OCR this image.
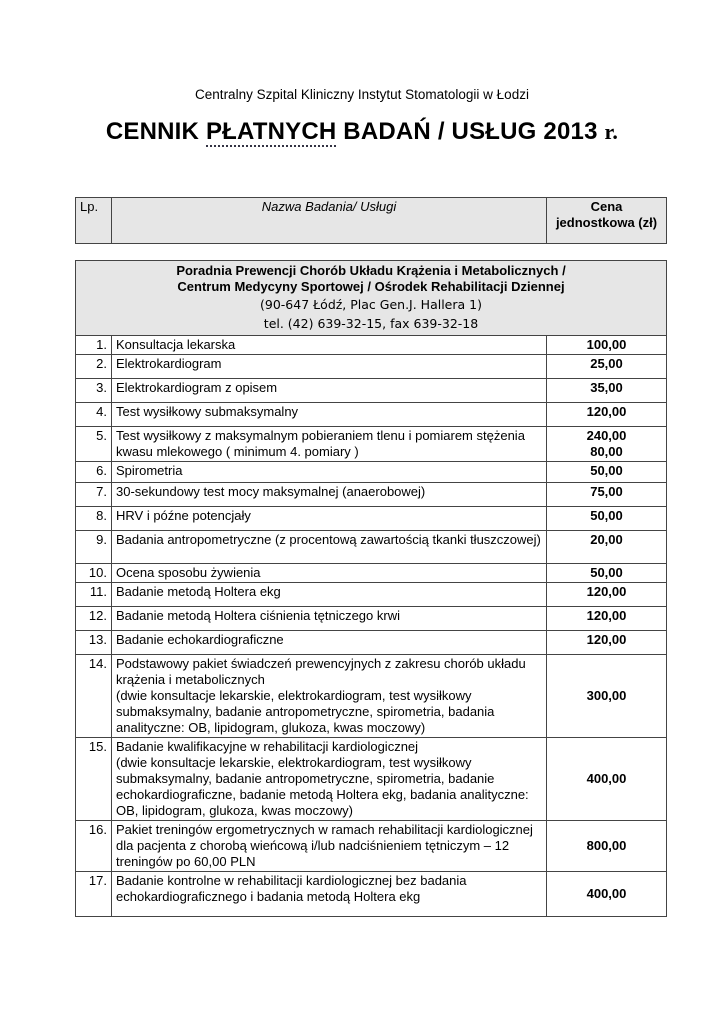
Centralny Szpital Kliniczny Instytut Stomatologii w Łodzi
CENNIK PŁATNYCH BADAŃ / USŁUG 2013 r.
Lp.	Nazwa Badania/ Usługi	Cena jednostkowa (zł)
Poradnia Prewencji Chorób Układu Krążenia i Metabolicznych /
Centrum Medycyny Sportowej / Ośrodek Rehabilitacji Dziennej
(90-647 Łódź, Plac Gen.J. Hallera 1)
tel. (42) 639-32-15, fax 639-32-18		

1.	Konsultacja lekarska	100,00

2.	Elektrokardiogram	25,00

3.	Elektrokardiogram z opisem	35,00

4.	Test wysiłkowy submaksymalny	120,00

5.	Test wysiłkowy z maksymalnym pobieraniem tlenu i pomiarem stężenia kwasu mlekowego ( minimum 4. pomiary )	240,00
80,00

6.	Spirometria	50,00

7.	30-sekundowy test mocy maksymalnej (anaerobowej)	75,00

8.	HRV i późne potencjały	50,00

9.	Badania antropometryczne (z procentową zawartością tkanki tłuszczowej)	20,00

10.	Ocena sposobu żywienia	50,00

11.	Badanie metodą Holtera ekg	120,00

12.	Badanie metodą Holtera ciśnienia tętniczego krwi	120,00

13.	Badanie echokardiograficzne	120,00

14.	Podstawowy pakiet świadczeń prewencyjnych z zakresu chorób układu krążenia i metabolicznych
(dwie konsultacje lekarskie, elektrokardiogram, test wysiłkowy submaksymalny, badanie antropometryczne, spirometria, badania analityczne: OB, lipidogram, glukoza, kwas moczowy)	300,00

15.	Badanie kwalifikacyjne w rehabilitacji kardiologicznej
(dwie konsultacje lekarskie, elektrokardiogram, test wysiłkowy submaksymalny, badanie antropometryczne, spirometria, badanie echokardiograficzne, badanie metodą Holtera ekg, badania analityczne: OB, lipidogram, glukoza, kwas moczowy)	400,00

16.	Pakiet treningów ergometrycznych w ramach rehabilitacji kardiologicznej dla pacjenta z chorobą wieńcową i/lub nadciśnieniem tętniczym – 12 treningów po 60,00 PLN	800,00

17.	Badanie kontrolne w rehabilitacji kardiologicznej bez badania echokardiograficznego i badania metodą Holtera ekg	400,00
